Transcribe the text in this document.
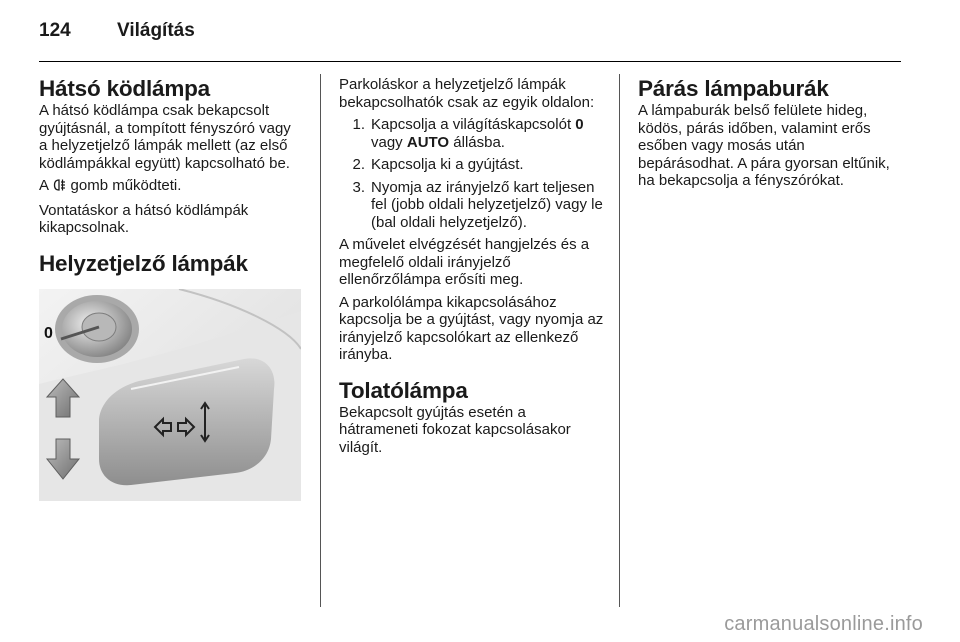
124	Világítás
Hátsó ködlámpa

A hátsó ködlámpa csak bekapcsolt gyújtásnál, a tompított fényszóró vagy a helyzetjelző lámpák mellett (az első ködlámpákkal együtt) kapcsolható be.

A gomb működteti.

Vontatáskor a hátsó ködlámpák kikapcsolnak.

Helyzetjelző lámpák
0

Parkoláskor a helyzetjelző lámpák bekapcsolhatók csak az egyik oldalon:

1. Kapcsolja a világításkapcsolót 0 vagy AUTO állásba.
2. Kapcsolja ki a gyújtást.
3. Nyomja az irányjelző kart teljesen fel (jobb oldali helyzetjelző) vagy le (bal oldali helyzetjelző).

A művelet elvégzését hangjelzés és a megfelelő oldali irányjelző ellenőrzőlámpa erősíti meg.

A parkolólámpa kikapcsolásához kapcsolja be a gyújtást, vagy nyomja az irányjelző kapcsolókart az ellenkező irányba.

Tolatólámpa

Bekapcsolt gyújtás esetén a hátrameneti fokozat kapcsolásakor világít.

Párás lámpaburák

A lámpaburák belső felülete hideg, ködös, párás időben, valamint erős esőben vagy mosás után bepárásodhat. A pára gyorsan eltűnik, ha bekapcsolja a fényszórókat.

carmanualsonline.info
